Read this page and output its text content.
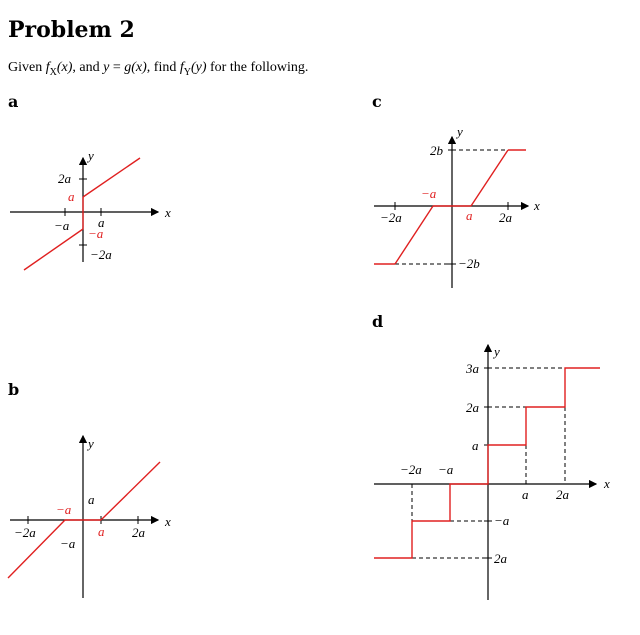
Problem 2

Given $f_X(x)$, and y = g(x), find $f_Y(y)$ for the following.

a	c

d

b

x
y
2a
a
−a a
−a
−2a
x
y
−a
−2a
−a
a
a 2a
x
y
2b
−a
−2a	a 2a
−2b
x
y
3a
2a
a
−2a −a
a 2a
−a
2a
